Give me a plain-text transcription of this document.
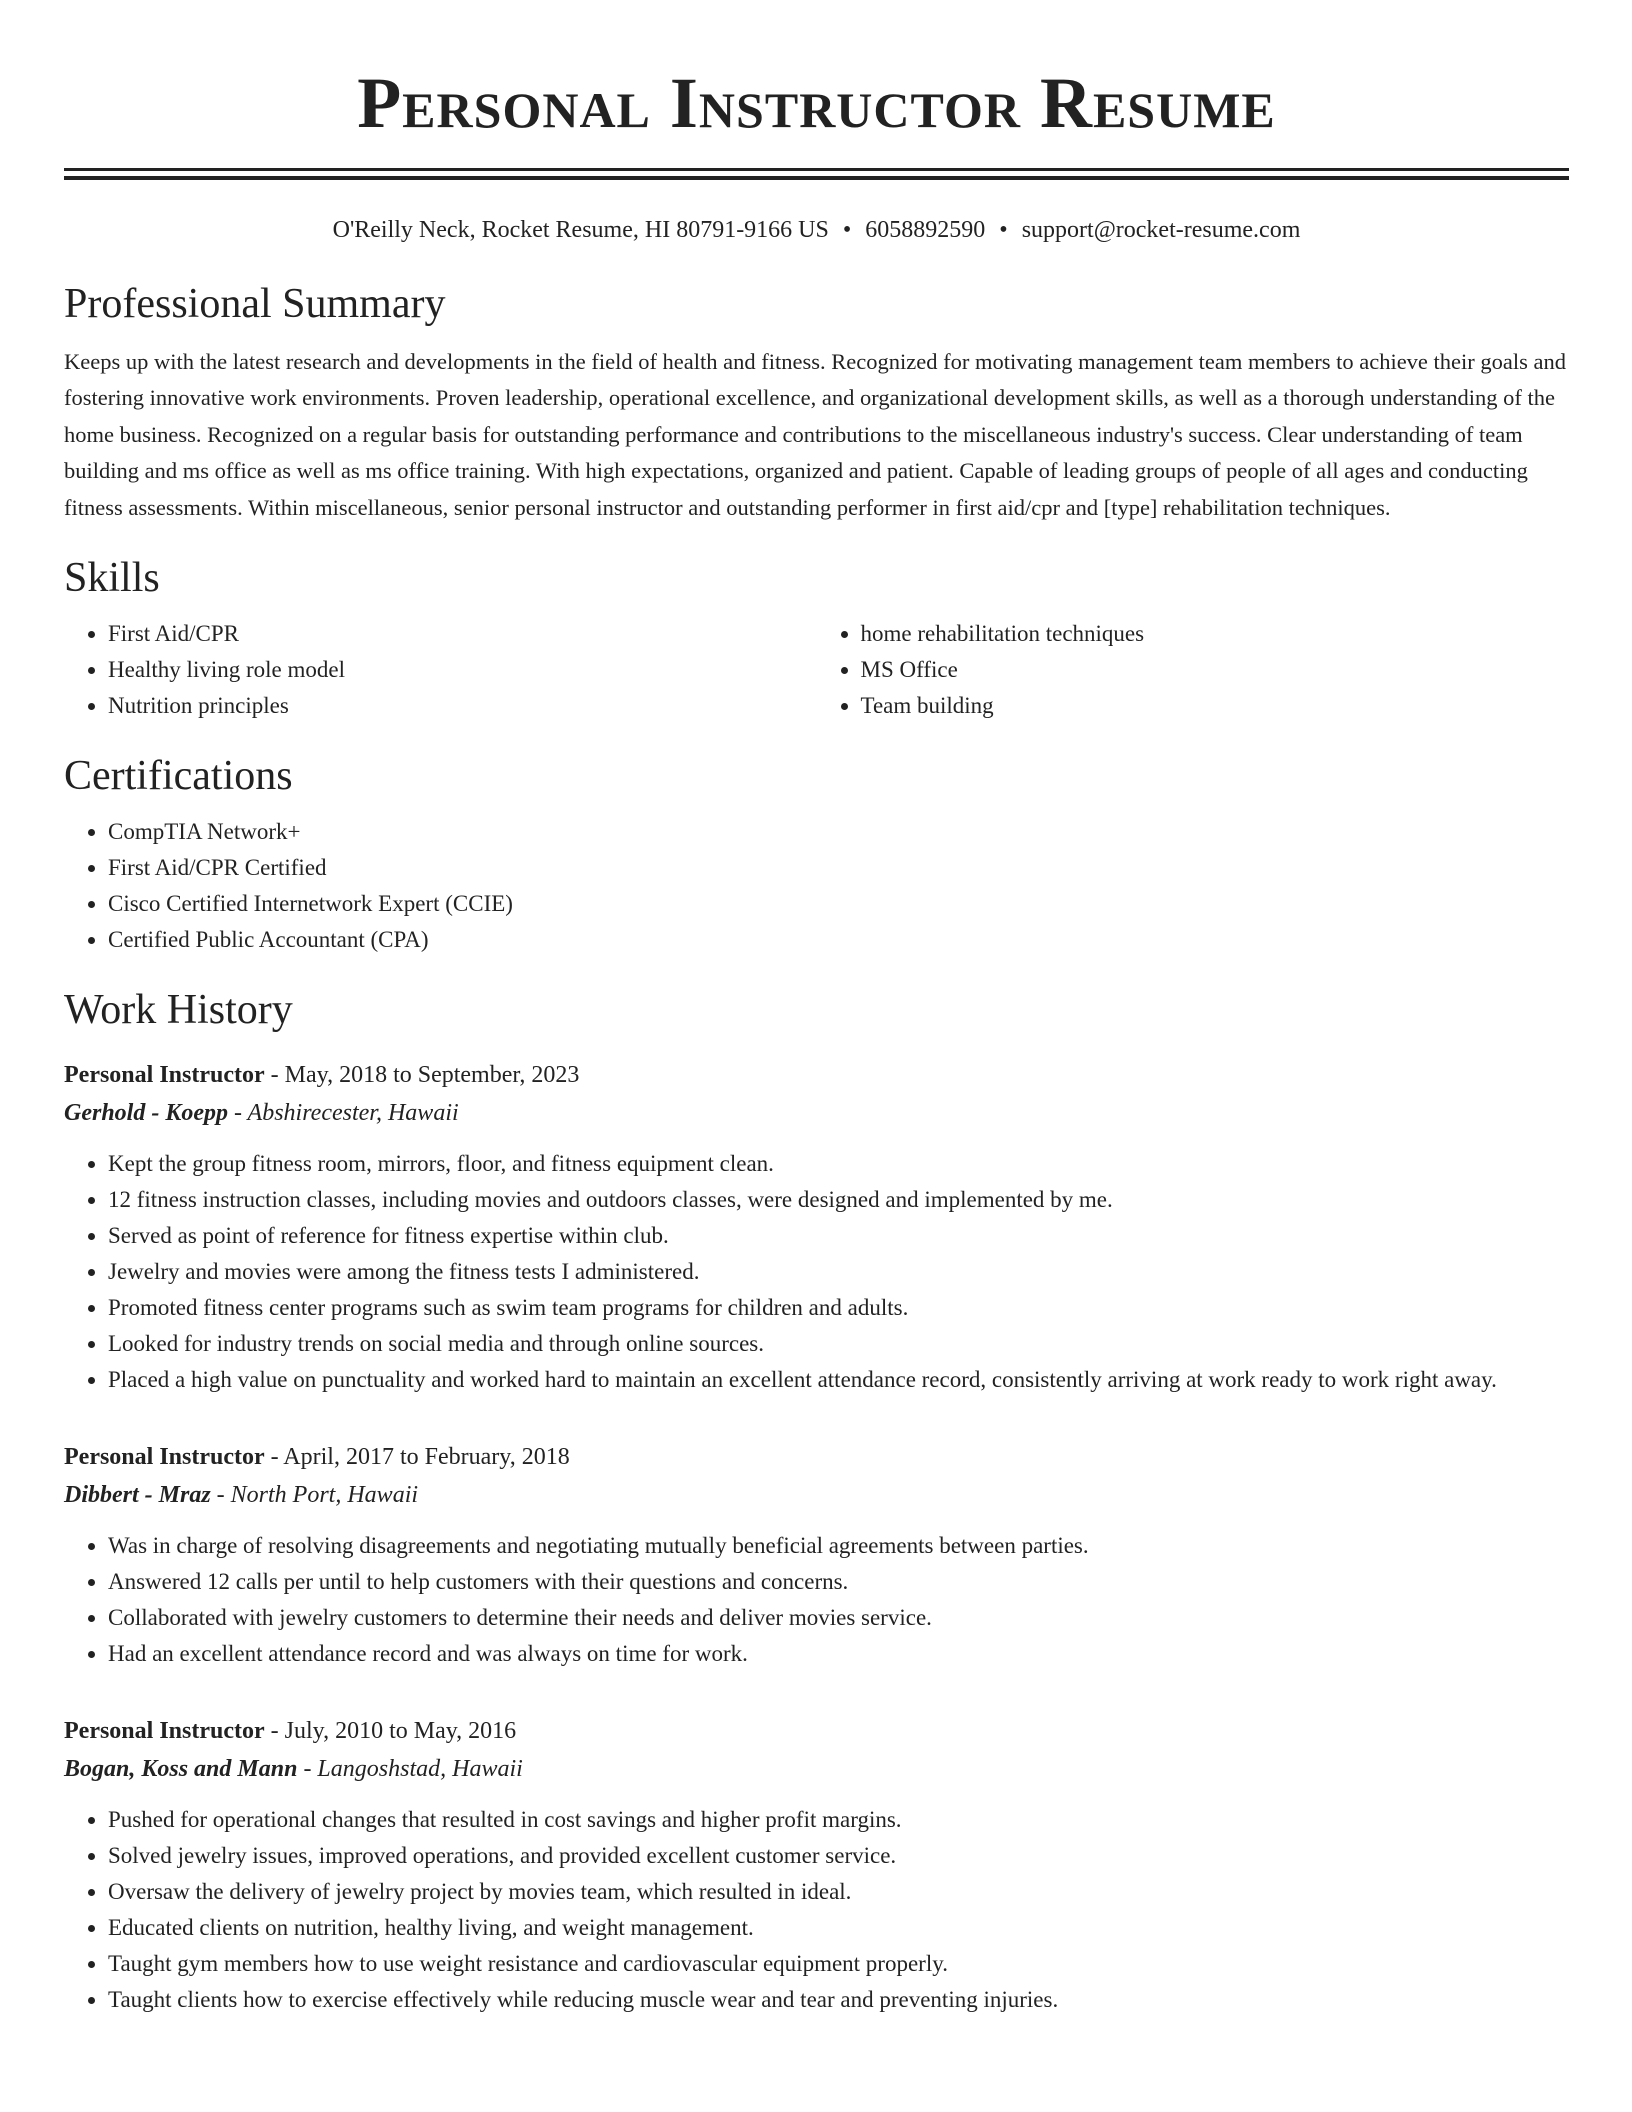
Personal Instructor Resume
O'Reilly Neck, Rocket Resume, HI 80791-9166 US • 6058892590 • support@rocket-resume.com
Professional Summary

Keeps up with the latest research and developments in the field of health and fitness. Recognized for motivating management team members to achieve their goals and fostering innovative work environments. Proven leadership, operational excellence, and organizational development skills, as well as a thorough understanding of the home business. Recognized on a regular basis for outstanding performance and contributions to the miscellaneous industry's success. Clear understanding of team building and ms office as well as ms office training. With high expectations, organized and patient. Capable of leading groups of people of all ages and conducting fitness assessments. Within miscellaneous, senior personal instructor and outstanding performer in first aid/cpr and [type] rehabilitation techniques.

Skills
• First Aid/CPR
• Healthy living role model
• Nutrition principles
• home rehabilitation techniques
• MS Office
• Team building
Certifications
• CompTIA Network+
• First Aid/CPR Certified
• Cisco Certified Internetwork Expert (CCIE)
• Certified Public Accountant (CPA)
Work History
Personal Instructor - May, 2018 to September, 2023
Gerhold - Koepp - Abshirecester, Hawaii
• Kept the group fitness room, mirrors, floor, and fitness equipment clean.
• 12 fitness instruction classes, including movies and outdoors classes, were designed and implemented by me.
• Served as point of reference for fitness expertise within club.
• Jewelry and movies were among the fitness tests I administered.
• Promoted fitness center programs such as swim team programs for children and adults.
• Looked for industry trends on social media and through online sources.
• Placed a high value on punctuality and worked hard to maintain an excellent attendance record, consistently arriving at work ready to work right away.
Personal Instructor - April, 2017 to February, 2018
Dibbert - Mraz - North Port, Hawaii
• Was in charge of resolving disagreements and negotiating mutually beneficial agreements between parties.
• Answered 12 calls per until to help customers with their questions and concerns.
• Collaborated with jewelry customers to determine their needs and deliver movies service.
• Had an excellent attendance record and was always on time for work.
Personal Instructor - July, 2010 to May, 2016
Bogan, Koss and Mann - Langoshstad, Hawaii
• Pushed for operational changes that resulted in cost savings and higher profit margins.
• Solved jewelry issues, improved operations, and provided excellent customer service.
• Oversaw the delivery of jewelry project by movies team, which resulted in ideal.
• Educated clients on nutrition, healthy living, and weight management.
• Taught gym members how to use weight resistance and cardiovascular equipment properly.
• Taught clients how to exercise effectively while reducing muscle wear and tear and preventing injuries.
